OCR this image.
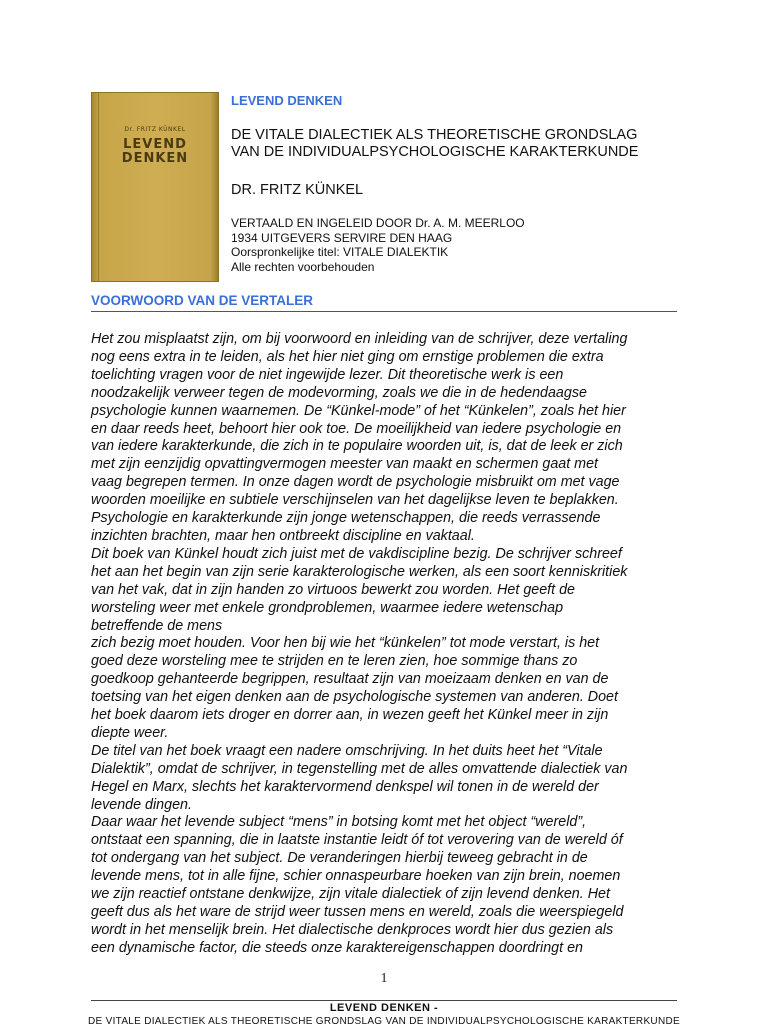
Dr. FRITZ KÜNKEL
LEVEND
DENKEN
LEVEND DENKEN
DE VITALE DIALECTIEK ALS THEORETISCHE GRONDSLAG
VAN DE INDIVIDUALPSYCHOLOGISCHE KARAKTERKUNDE
DR. FRITZ KÜNKEL
VERTAALD EN INGELEID DOOR Dr. A. M. MEERLOO
1934 UITGEVERS SERVIRE DEN HAAG
Oorspronkelijke titel: VITALE DIALEKTIK
Alle rechten voorbehouden
VOORWOORD VAN DE VERTALER
Het zou misplaatst zijn, om bij voorwoord en inleiding van de schrijver, deze vertaling
nog eens extra in te leiden, als het hier niet ging om ernstige problemen die extra
toelichting vragen voor de niet ingewijde lezer. Dit theoretische werk is een
noodzakelijk verweer tegen de modevorming, zoals we die in de hedendaagse
psychologie kunnen waarnemen. De “Künkel-mode” of het “Künkelen”, zoals het hier
en daar reeds heet, behoort hier ook toe. De moeilijkheid van iedere psychologie en
van iedere karakterkunde, die zich in te populaire woorden uit, is, dat de leek er zich
met zijn eenzijdig opvattingvermogen meester van maakt en schermen gaat met
vaag begrepen termen. In onze dagen wordt de psychologie misbruikt om met vage
woorden moeilijke en subtiele verschijnselen van het dagelijkse leven te beplakken.
Psychologie en karakterkunde zijn jonge wetenschappen, die reeds verrassende
inzichten brachten, maar hen ontbreekt discipline en vaktaal.
Dit boek van Künkel houdt zich juist met de vakdiscipline bezig. De schrijver schreef
het aan het begin van zijn serie karakterologische werken, als een soort kenniskritiek
van het vak, dat in zijn handen zo virtuoos bewerkt zou worden. Het geeft de
worsteling weer met enkele grondproblemen, waarmee iedere wetenschap
betreffende de mens
zich bezig moet houden. Voor hen bij wie het “künkelen” tot mode verstart, is het
goed deze worsteling mee te strijden en te leren zien, hoe sommige thans zo
goedkoop gehanteerde begrippen, resultaat zijn van moeizaam denken en van de
toetsing van het eigen denken aan de psychologische systemen van anderen. Doet
het boek daarom iets droger en dorrer aan, in wezen geeft het Künkel meer in zijn
diepte weer.
De titel van het boek vraagt een nadere omschrijving. In het duits heet het “Vitale
Dialektik”, omdat de schrijver, in tegenstelling met de alles omvattende dialectiek van
Hegel en Marx, slechts het karaktervormend denkspel wil tonen in de wereld der
levende dingen.
Daar waar het levende subject “mens” in botsing komt met het object “wereld”,
ontstaat een spanning, die in laatste instantie leidt óf tot verovering van de wereld óf
tot ondergang van het subject. De veranderingen hierbij teweeg gebracht in de
levende mens, tot in alle fijne, schier onnaspeurbare hoeken van zijn brein, noemen
we zijn reactief ontstane denkwijze, zijn vitale dialectiek of zijn levend denken. Het
geeft dus als het ware de strijd weer tussen mens en wereld, zoals die weerspiegeld
wordt in het menselijk brein. Het dialectische denkproces wordt hier dus gezien als
een dynamische factor, die steeds onze karaktereigenschappen doordringt en
1
LEVEND DENKEN -
DE VITALE DIALECTIEK ALS THEORETISCHE GRONDSLAG VAN DE INDIVIDUALPSYCHOLOGISCHE KARAKTERKUNDE
